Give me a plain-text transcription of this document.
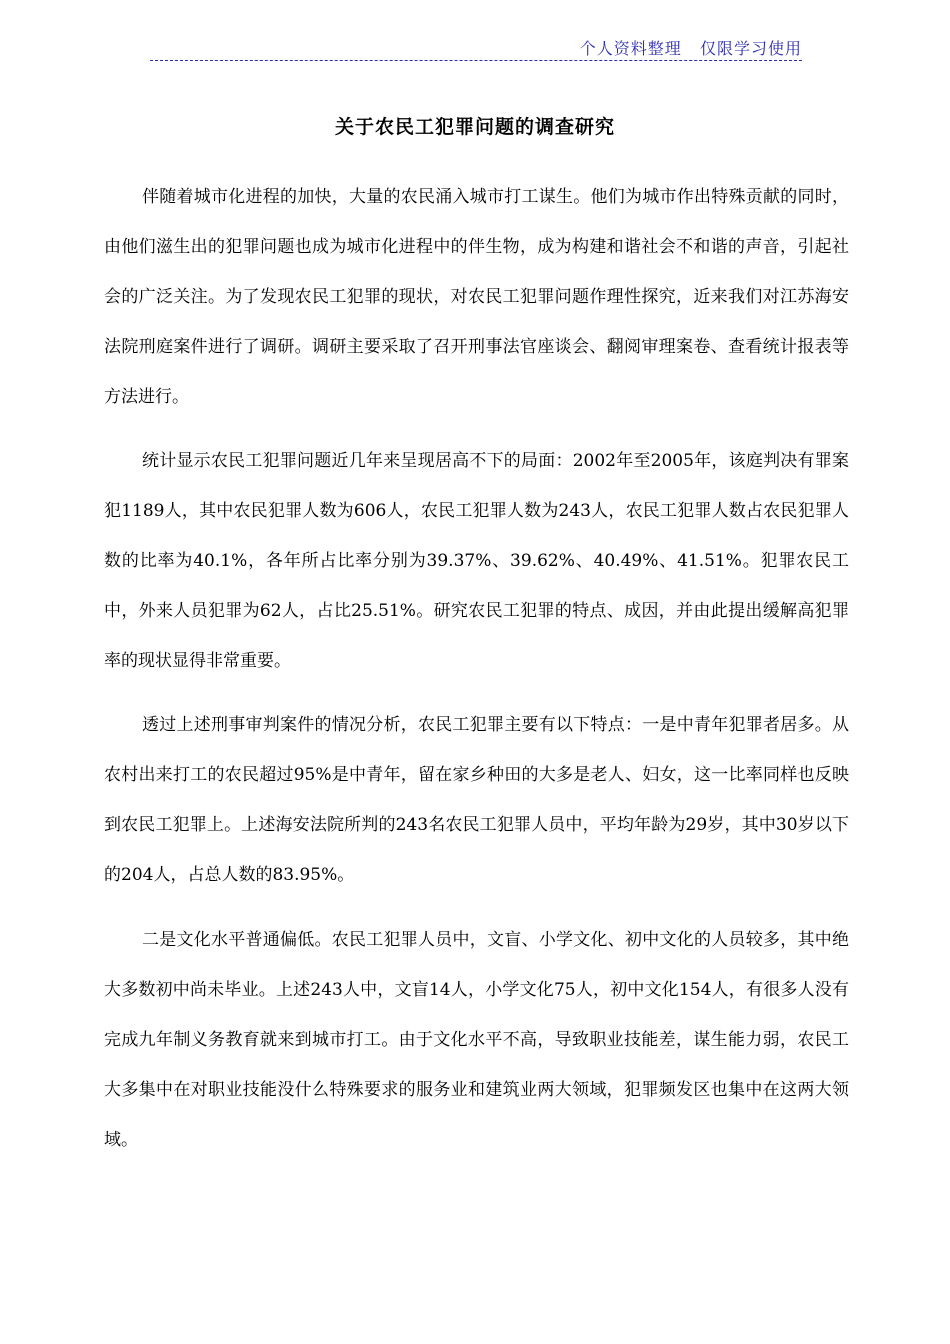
个人资料整理   仅限学习使用
关于农民工犯罪问题的调查研究

伴随着城市化进程的加快，大量的农民涌入城市打工谋生。他们为城市作出特殊贡献的同时，由他们滋生出的犯罪问题也成为城市化进程中的伴生物，成为构建和谐社会不和谐的声音，引起社会的广泛关注。为了发现农民工犯罪的现状，对农民工犯罪问题作理性探究，近来我们对江苏海安法院刑庭案件进行了调研。调研主要采取了召开刑事法官座谈会、翻阅审理案卷、查看统计报表等方法进行。

统计显示农民工犯罪问题近几年来呈现居高不下的局面：2002年至2005年，该庭判决有罪案犯1189人，其中农民犯罪人数为606人，农民工犯罪人数为243人，农民工犯罪人数占农民犯罪人数的比率为40.1%，各年所占比率分别为39.37%、39.62%、40.49%、41.51%。犯罪农民工中，外来人员犯罪为62人，占比25.51%。研究农民工犯罪的特点、成因，并由此提出缓解高犯罪率的现状显得非常重要。

透过上述刑事审判案件的情况分析，农民工犯罪主要有以下特点：一是中青年犯罪者居多。从农村出来打工的农民超过95%是中青年，留在家乡种田的大多是老人、妇女，这一比率同样也反映到农民工犯罪上。上述海安法院所判的243名农民工犯罪人员中，平均年龄为29岁，其中30岁以下的204人，占总人数的83.95%。

二是文化水平普通偏低。农民工犯罪人员中，文盲、小学文化、初中文化的人员较多，其中绝大多数初中尚未毕业。上述243人中，文盲14人，小学文化75人，初中文化154人，有很多人没有完成九年制义务教育就来到城市打工。由于文化水平不高，导致职业技能差，谋生能力弱，农民工大多集中在对职业技能没什么特殊要求的服务业和建筑业两大领域，犯罪频发区也集中在这两大领域。
